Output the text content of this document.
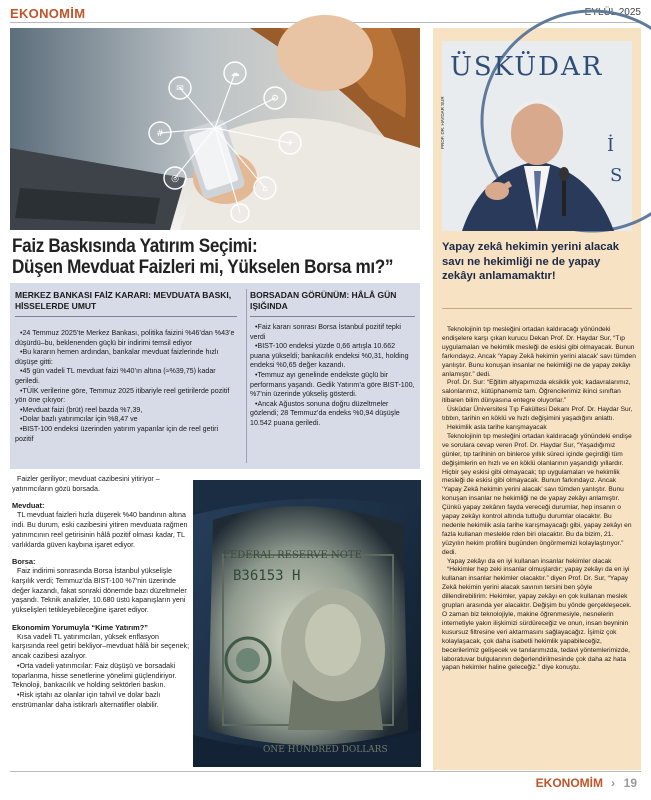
EKONOMİM	EYLÜL 2025
✉
☁
⚙
#
◎
⌂
✈
Faiz Baskısında Yatırım Seçimi:
Düşen Mevduat Faizleri mi, Yükselen Borsa mı?”
MERKEZ BANKASI FAİZ KARARI: MEVDUATA BASKI, HİSSELERDE UMUT
•24 Temmuz 2025’te Merkez Bankası, politika faizini %46’dan %43’e düşürdü–bu, beklenenden güçlü bir indirimi temsil ediyor
•Bu kararın hemen ardından, bankalar mevduat faizlerinde hızlı düşüşe gitti:
•45 gün vadeli TL mevduat faizi %40’ın altına (≈%39,75) kadar geriledi.
•TÜİK verilerine göre, Temmuz 2025 itibariyle reel getirilerde pozitif yön öne çıkıyor:
•Mevduat faizi (brüt) reel bazda %7,39,
•Dolar bazlı yatırımcılar için %8,47 ve
•BIST-100 endeksi üzerinden yatırım yapanlar için de reel getiri pozitif
BORSADAN GÖRÜNÜM: HÂLÂ GÜN IŞIĞINDA
•Faiz kararı sonrası Borsa İstanbul pozitif tepki verdi
•BIST-100 endeksi yüzde 0,66 artışla 10.662 puana yükseldi; bankacılık endeksi %0,31, holding endeksi %0,65 değer kazandı.
•Temmuz ayı genelinde endekste güçlü bir performans yaşandı. Gedik Yatırım’a göre BIST-100, %7’nin üzerinde yükseliş gösterdi.
•Ancak Ağustos sonuna doğru düzeltmeler gözlendi; 28 Temmuz’da endeks %0,94 düşüşle 10.542 puana geriledi.
Faizler geriliyor; mevduat cazibesini yitiriyor – yatırımcıların gözü borsada.
Mevduat:
TL mevduat faizleri hızla düşerek %40 bandının altına indi. Bu durum, eski cazibesini yitiren mevduata rağmen yatırımcının reel getirisinin hâlâ pozitif olması kadar, TL varlıklarda güven kaybına işaret ediyor.
Borsa:
Faiz indirimi sonrasında Borsa İstanbul yükselişle karşılık verdi; Temmuz’da BIST-100 %7’nin üzerinde değer kazandı, fakat sonraki dönemde bazı düzeltmeler yaşandı. Teknik analizler, 10.680 üstü kapanışların yeni yükselişleri tetikleyebileceğine işaret ediyor.
Ekonomim Yorumuyla “Kime Yatırım?”
Kısa vadeli TL yatırımcıları, yüksek enflasyon karşısında reel getiri bekliyor–mevduat hâlâ bir seçenek; ancak cazibesi azalıyor.
•Orta vadeli yatırımcılar: Faiz düşüşü ve borsadaki toparlanma, hisse senetlerine yönelimi güçlendiriyor. Teknoloji, bankacılık ve holding sektörleri baskın.
•Risk iştahı az olanlar için tahvil ve dolar bazlı enstrümanlar daha istikrarlı alternatifler olabilir.
B36153 H
FEDERAL RESERVE NOTE
ONE HUNDRED DOLLARS
ÜSKÜDAR
İ
S
PROF. DR. HAYDAR SUR
Yapay zekâ hekimin yerini alacak savı ne hekimliği ne de yapay zekâyı anlamamaktır!
Teknolojinin tıp mesleğini ortadan kaldıracağı yönündeki endişelere karşı çıkan kurucu Dekan Prof. Dr. Haydar Sur, “Tıp uygulamaları ve hekimlik mesleği de eskisi gibi olmayacak. Bunun farkındayız. Ancak ‘Yapay Zekâ hekimin yerini alacak’ savı tümden yanlıştır. Bunu konuşan insanlar ne hekimliği ne de yapay zekâyı anlamıştır.” dedi.
Prof. Dr. Sur: “Eğitim altyapımızda eksiklik yok; kadavralarımız, salonlarımız, kütüphanemiz tam. Öğrencilerimiz ikinci sınıftan itibaren bilim dünyasına entegre oluyorlar.”
Üsküdar Üniversitesi Tıp Fakültesi Dekanı Prof. Dr. Haydar Sur, tıbbın, tarihin en köklü ve hızlı değişimini yaşadığını anlattı.
Hekimlik asla tarihe karışmayacak
Teknolojinin tıp mesleğini ortadan kaldıracağı yönündeki endişe ve sorulara cevap veren Prof. Dr. Haydar Sur, “Yaşadığımız günler, tıp tarihinin on binlerce yıllık süreci içinde geçirdiği tüm değişimlerin en hızlı ve en köklü olanlarının yaşandığı yıllardır. Hiçbir şey eskisi gibi olmayacak; tıp uygulamaları ve hekimlik mesleği de eskisi gibi olmayacak. Bunun farkındayız. Ancak ‘Yapay Zekâ hekimin yerini alacak’ savı tümden yanlıştır. Bunu konuşan insanlar ne hekimliği ne de yapay zekâyı anlamıştır. Çünkü yapay zekânın fayda vereceği durumlar, hep insanın o yapay zekâyı kontrol altında tuttuğu durumlar olacaktır. Bu nedenle hekimlik asla tarihe karışmayacağı gibi, yapay zekâyı en fazla kullanan meslekle rden biri olacaktır. Bu da bizim, 21. yüzyılın hekim profilini bugünden öngörmemizi kolaylaştırıyor.” dedi.
Yapay zekâyı da en iyi kullanan insanlar hekimler olacak
“Hekimler hep zeki insanlar olmuşlardır; yapay zekâyı da en iyi kullanan insanlar hekimler olacaktır.” diyen Prof. Dr. Sur, “Yapay Zekâ hekimin yerini alacak savının tersini ben şöyle dillendirebilirim: Hekimler, yapay zekâyı en çok kullanan meslek grupları arasında yer alacaktır. Değişim bu yönde gerçekleşecek. O zaman biz teknolojiyle, makine öğrenmesiyle, nesnelerin internetiyle yakın ilişkimizi sürdüreceğiz ve onun, insan beyninin kusursuz filtresine veri aktarmasını sağlayacağız. İşimiz çok kolaylaşacak, çok daha isabetli hekimlik yapabileceğiz, becerilerimiz gelişecek ve tanılarımızda, tedavi yöntemlerimizde, laboratuvar bulgularının değerlendirilmesinde çok daha az hata yapan hekimler haline geleceğiz.” diye konuştu.
EKONOMİM › 19
